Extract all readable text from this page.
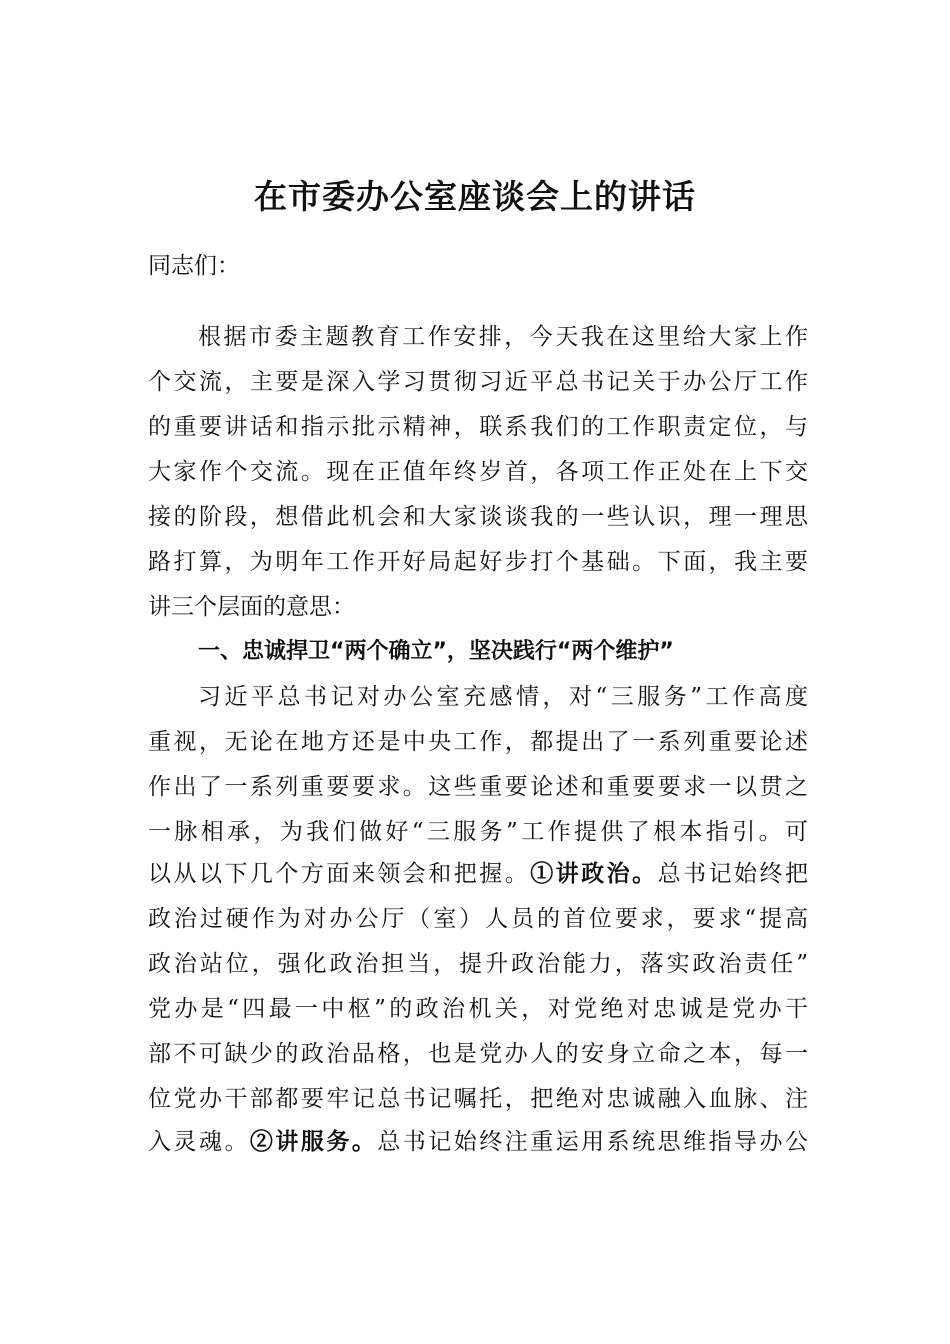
在市委办公室座谈会上的讲话

同志们：

根据市委主题教育工作安排，今天我在这里给大家上作

个交流，主要是深入学习贯彻习近平总书记关于办公厅工作

的重要讲话和指示批示精神，联系我们的工作职责定位，与

大家作个交流。现在正值年终岁首，各项工作正处在上下交

接的阶段，想借此机会和大家谈谈我的一些认识，理一理思

路打算，为明年工作开好局起好步打个基础。下面，我主要

讲三个层面的意思：

一、忠诚捍卫“两个确立”，坚决践行“两个维护”

习近平总书记对办公室充感情，对“三服务”工作高度

重视，无论在地方还是中央工作，都提出了一系列重要论述

作出了一系列重要要求。这些重要论述和重要要求一以贯之

一脉相承，为我们做好“三服务”工作提供了根本指引。可

以从以下几个方面来领会和把握。①讲政治。总书记始终把

政治过硬作为对办公厅（室）人员的首位要求，要求“提高

政治站位，强化政治担当，提升政治能力，落实政治责任”

党办是“四最一中枢”的政治机关，对党绝对忠诚是党办干

部不可缺少的政治品格，也是党办人的安身立命之本，每一

位党办干部都要牢记总书记嘱托，把绝对忠诚融入血脉、注

入灵魂。②讲服务。总书记始终注重运用系统思维指导办公
